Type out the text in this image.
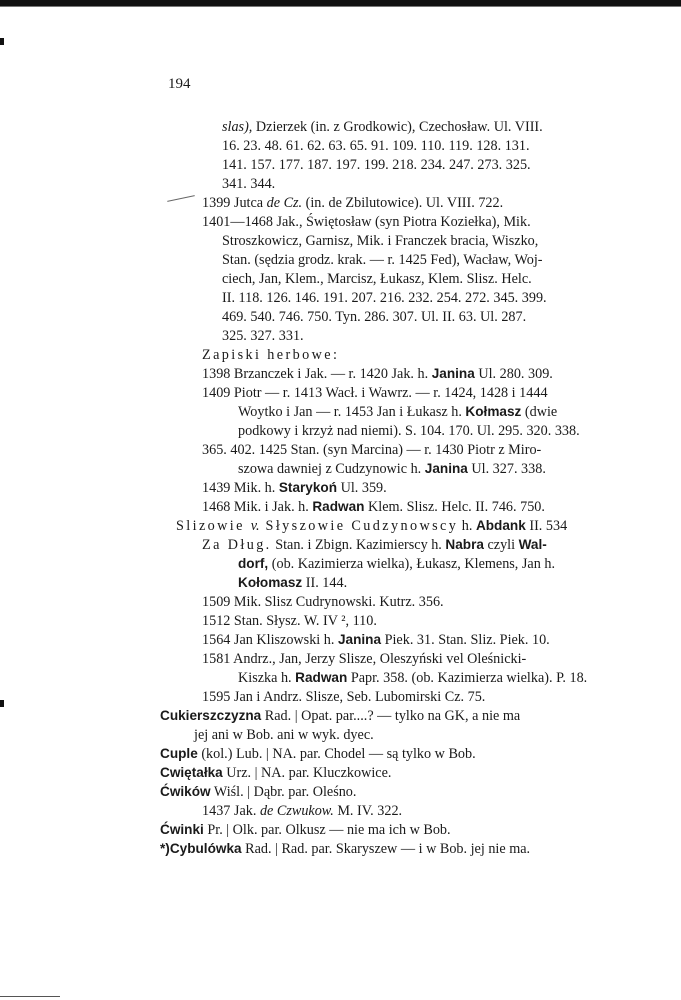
194
slas), Dzierzek (in. z Grodkowic), Czechosław. Ul. VIII.
16. 23. 48. 61. 62. 63. 65. 91. 109. 110. 119. 128. 131.
141. 157. 177. 187. 197. 199. 218. 234. 247. 273. 325.
341. 344.
1399 Jutca de Cz. (in. de Zbilutowice). Ul. VIII. 722.
1401—1468 Jak., Świętosław (syn Piotra Koziełka), Mik.
Stroszkowicz, Garnisz, Mik. i Franczek bracia, Wiszko,
Stan. (sędzia grodz. krak. — r. 1425 Fed), Wacław, Woj-
ciech, Jan, Klem., Marcisz, Łukasz, Klem. Slisz. Helc.
II. 118. 126. 146. 191. 207. 216. 232. 254. 272. 345. 399.
469. 540. 746. 750. Tyn. 286. 307. Ul. II. 63. Ul. 287.
325. 327. 331.
Zapiski herbowe:
1398 Brzanczek i Jak. — r. 1420 Jak. h. Janina Ul. 280. 309.
1409 Piotr — r. 1413 Wacł. i Wawrz. — r. 1424, 1428 i 1444
Woytko i Jan — r. 1453 Jan i Łukasz h. Kołmasz (dwie
podkowy i krzyż nad niemi). S. 104. 170. Ul. 295. 320. 338.
365. 402. 1425 Stan. (syn Marcina) — r. 1430 Piotr z Miro-
szowa dawniej z Cudzynowic h. Janina Ul. 327. 338.
1439 Mik. h. Starykoń Ul. 359.
1468 Mik. i Jak. h. Radwan Klem. Slisz. Helc. II. 746. 750.
Slizowie v. Słyszowie Cudzynowscy h. Abdank II. 534
Za Dług. Stan. i Zbign. Kazimierscy h. Nabra czyli Wal-
dorf, (ob. Kazimierza wielka), Łukasz, Klemens, Jan h.
Kołomasz II. 144.
1509 Mik. Slisz Cudrynowski. Kutrz. 356.
1512 Stan. Słysz. W. IV ², 110.
1564 Jan Kliszowski h. Janina Piek. 31. Stan. Sliz. Piek. 10.
1581 Andrz., Jan, Jerzy Slisze, Oleszyński vel Oleśnicki-
Kiszka h. Radwan Papr. 358. (ob. Kazimierza wielka). P. 18.
1595 Jan i Andrz. Slisze, Seb. Lubomirski Cz. 75.
Cukierszczyzna Rad. | Opat. par....? — tylko na GK, a nie ma
jej ani w Bob. ani w wyk. dyec.
Cuple (kol.) Lub. | NA. par. Chodel — są tylko w Bob.
Cwiętałka Urz. | NA. par. Kluczkowice.
Ćwików Wiśl. | Dąbr. par. Oleśno.
1437 Jak. de Czwukow. M. IV. 322.
Ćwinki Pr. | Olk. par. Olkusz — nie ma ich w Bob.
*)Cybulówka Rad. | Rad. par. Skaryszew — i w Bob. jej nie ma.
